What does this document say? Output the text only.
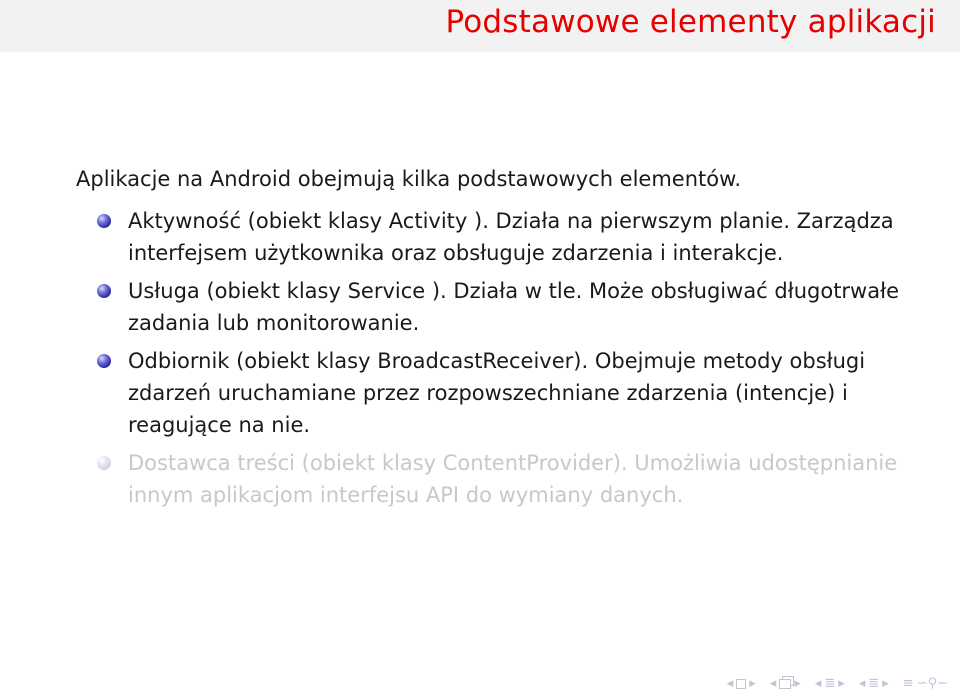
Podstawowe elementy aplikacji

Aplikacje na Android obejmują kilka podstawowych elementów.

Aktywność (obiekt klasy Activity ). Działa na pierwszym planie. Zarządza interfejsem użytkownika oraz obsługuje zdarzenia i interakcje.
Usługa (obiekt klasy Service ). Działa w tle. Może obsługiwać długotrwałe zadania lub monitorowanie.
Odbiornik (obiekt klasy BroadcastReceiver). Obejmuje metody obsługi zdarzeń uruchamiane przez rozpowszechniane zdarzenia (intencje) i reagujące na nie.
Dostawca treści (obiekt klasy ContentProvider). Umożliwia udostępnianie innym aplikacjom interfejsu API do wymiany danych.
◂ ▸ ◂ ▸ ◂ ≣ ▸ ◂ ≣ ▸ ≡ ∽⚲∼
